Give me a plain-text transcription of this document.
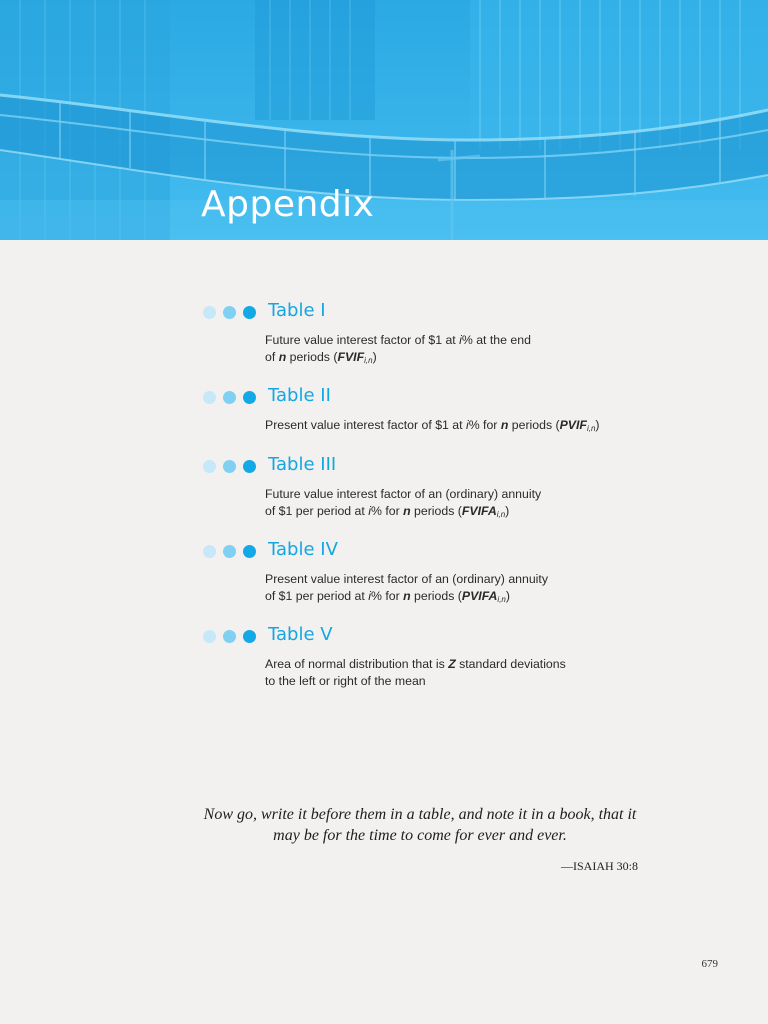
Appendix
Table I

Future value interest factor of $1 at i% at the end
of n periods $(FVIF_{i,n})$

Table II

Present value interest factor of $1 at i% for n periods $(PVIF_{i,n})$

Table III

Future value interest factor of an (ordinary) annuity
of $1 per period at i% for n periods $(FVIFA_{i,n})$

Table IV

Present value interest factor of an (ordinary) annuity
of $1 per period at i% for n periods $(PVIFA_{i,n})$

Table V

Area of normal distribution that is Z standard deviations
to the left or right of the mean

Now go, write it before them in a table, and note it in a book, that it may be for the time to come for ever and ever.

—ISAIAH 30:8

679
